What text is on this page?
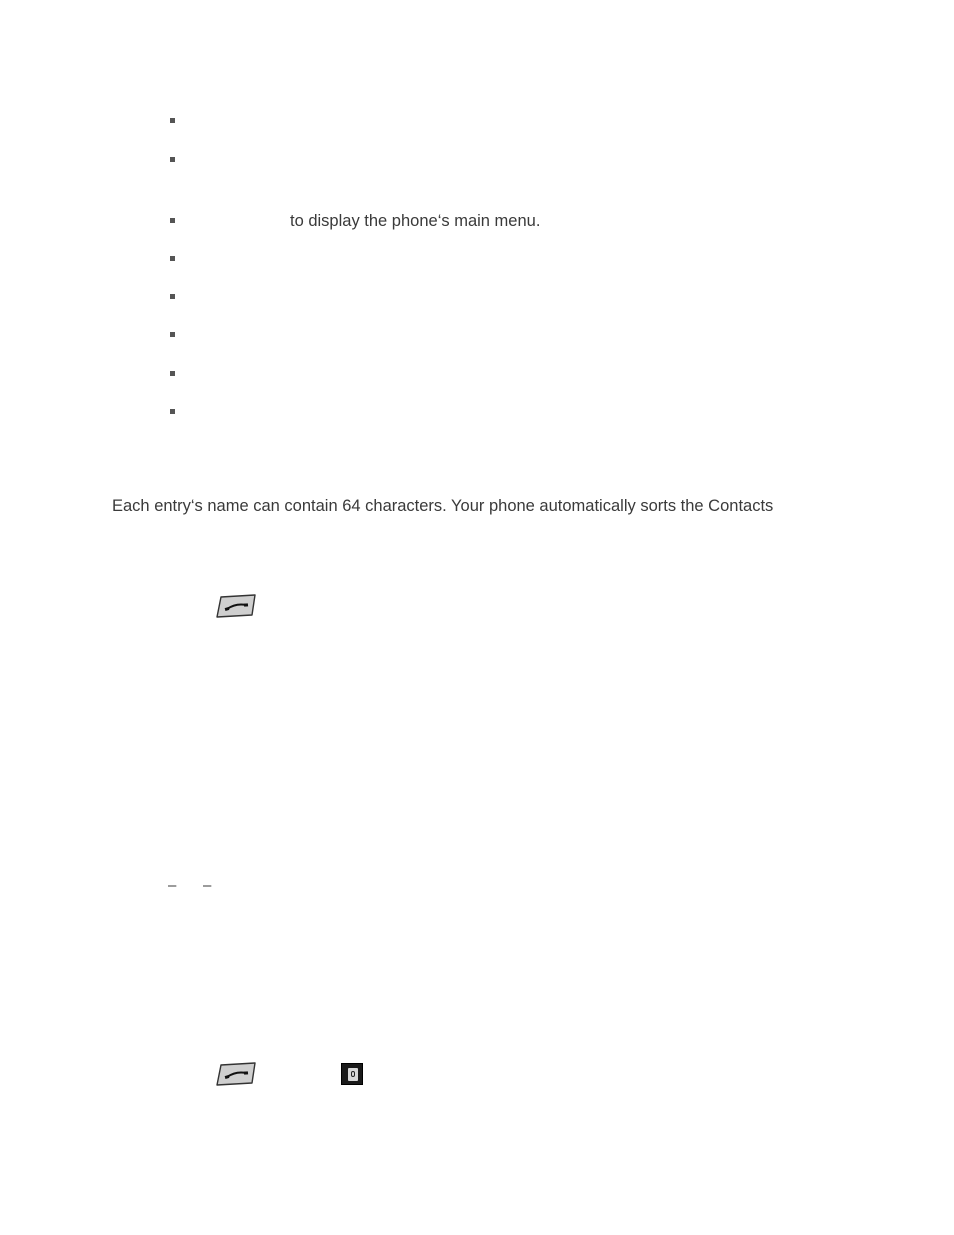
to display the phone‘s main menu.
Each entry‘s name can contain 64 characters. Your phone automatically sorts the Contacts
– –
